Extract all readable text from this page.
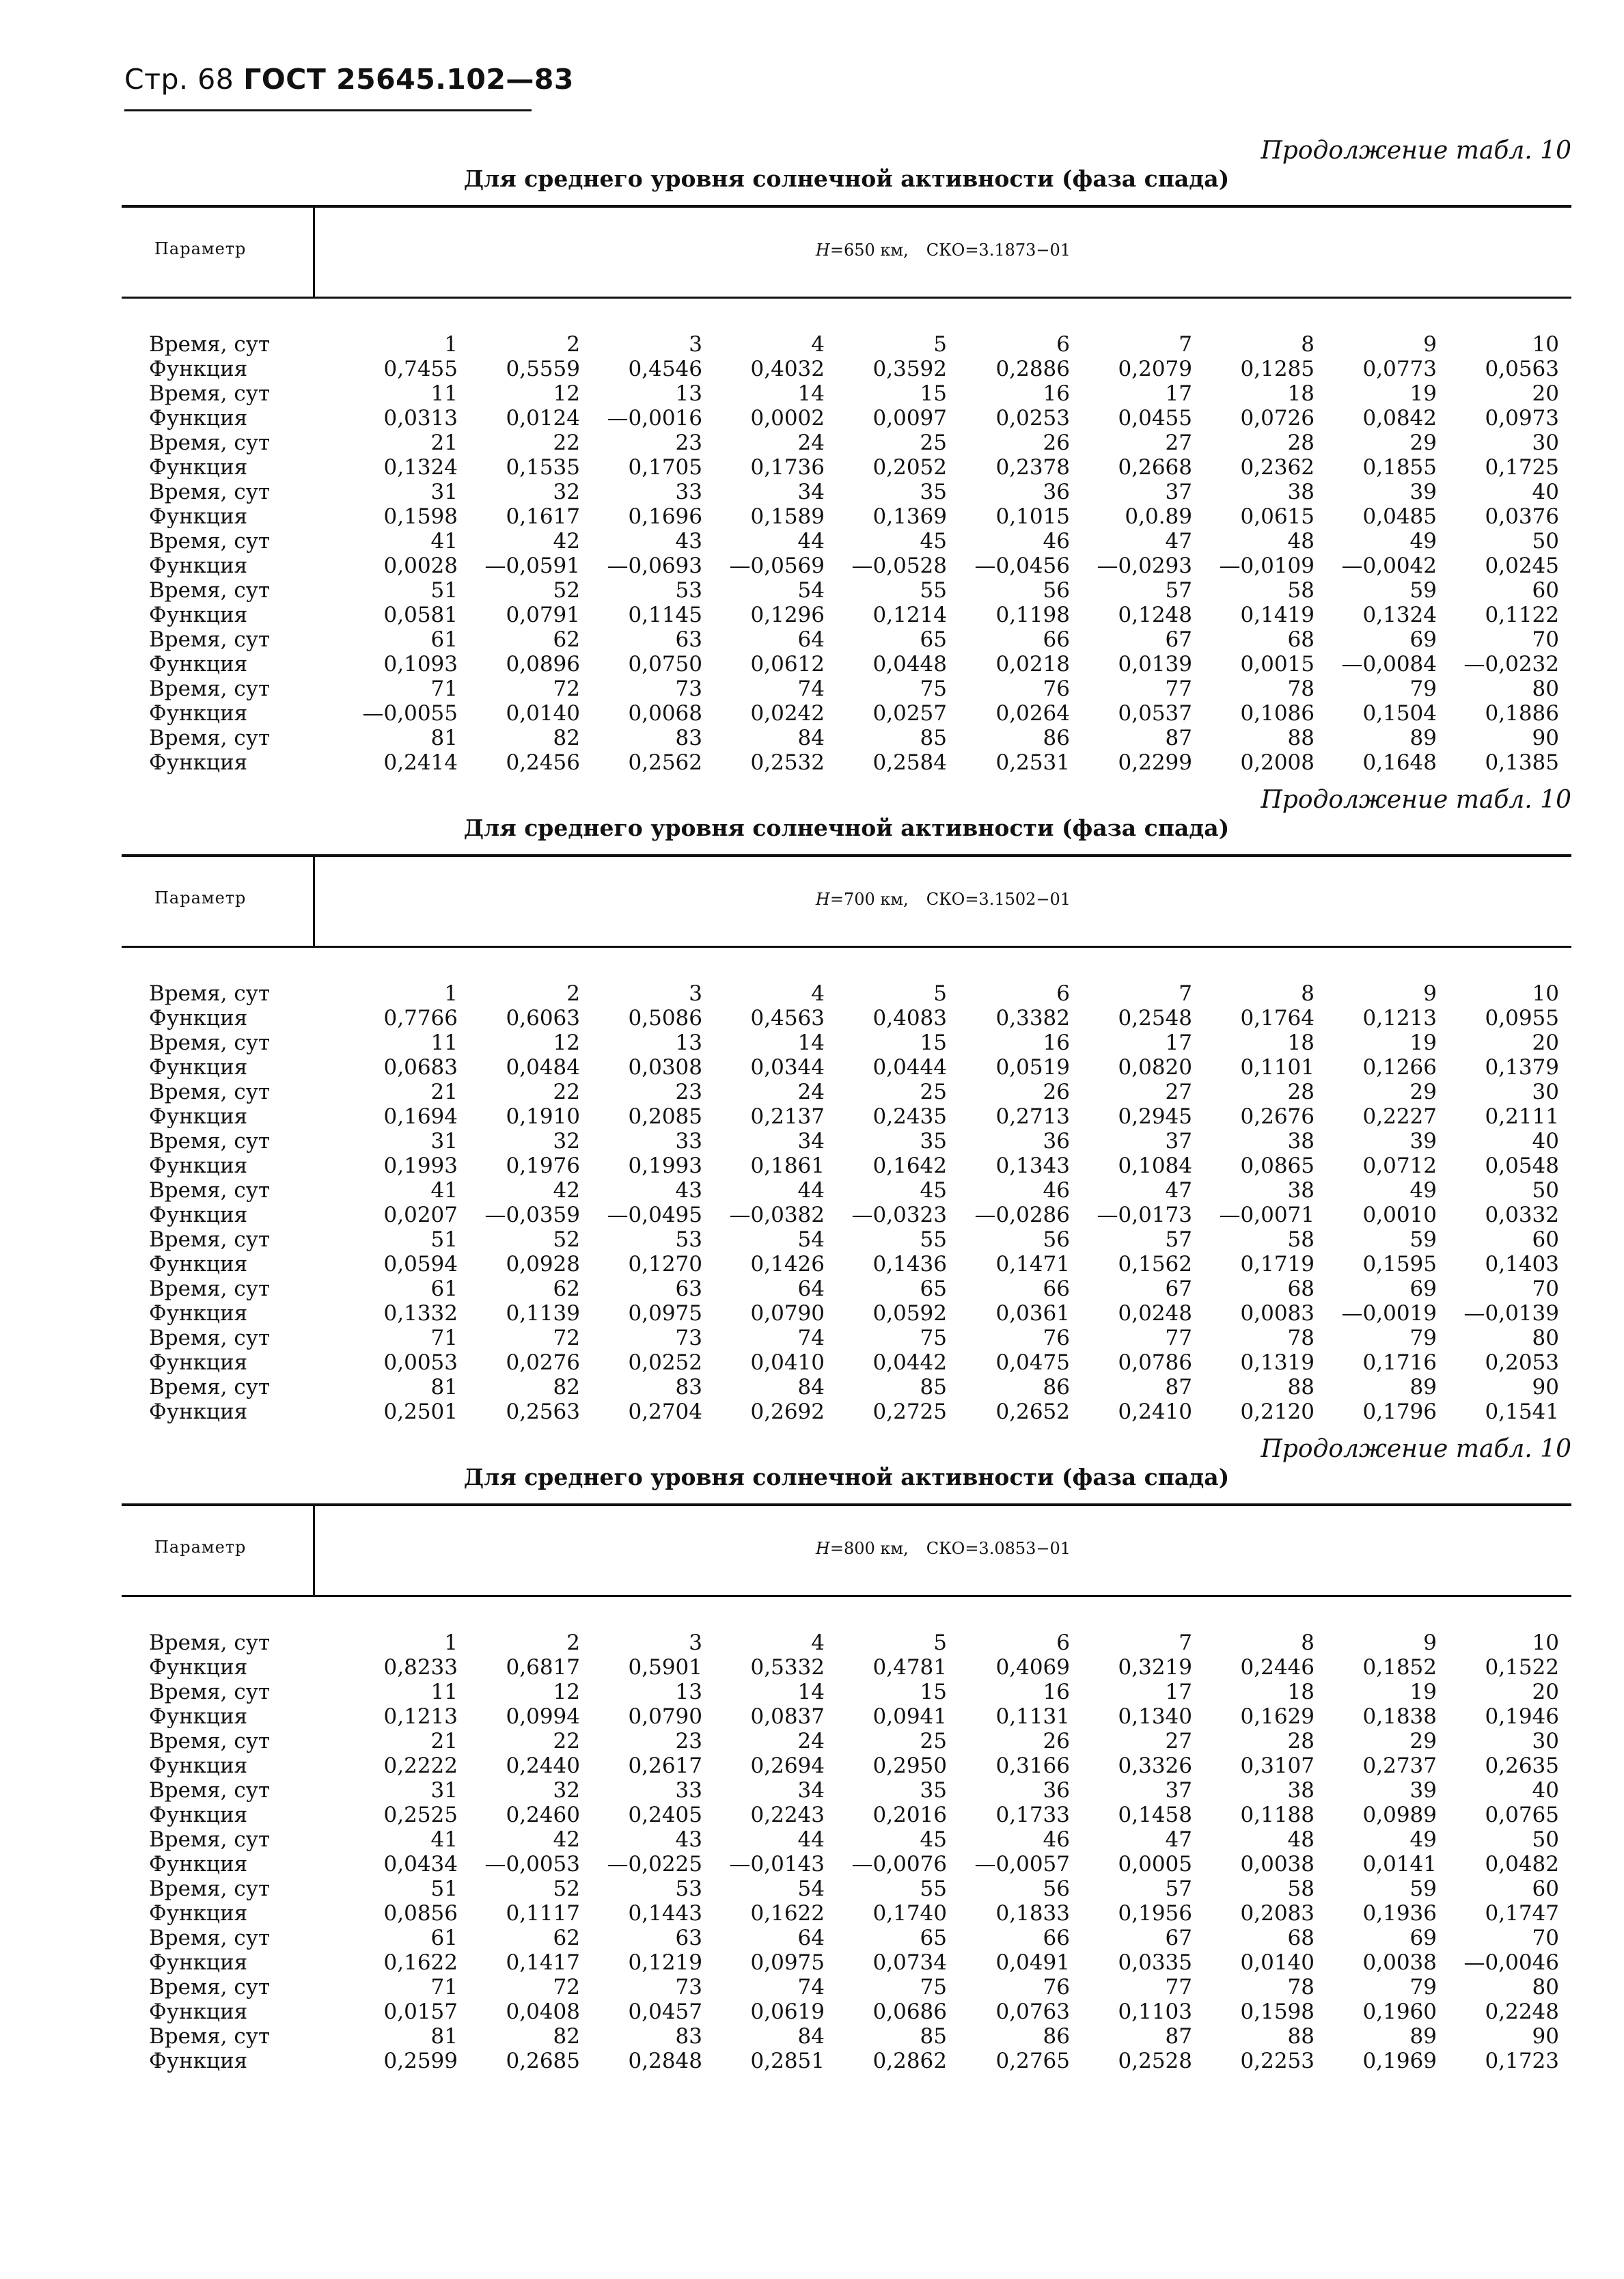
Стр. 68 ГОСТ 25645.102—83
Продолжение табл. 10
Для среднего уровня солнечной активности (фаза спада)
Параметр	H=650 км, СКО=3.1873−01
Время, сут	1	2	3	4	5	6	7	8	9	10
Функция	0,7455	0,5559	0,4546	0,4032	0,3592	0,2886	0,2079	0,1285	0,0773	0,0563
Время, сут	11	12	13	14	15	16	17	18	19	20
Функция	0,0313	0,0124	—0,0016	0,0002	0,0097	0,0253	0,0455	0,0726	0,0842	0,0973
Время, сут	21	22	23	24	25	26	27	28	29	30
Функция	0,1324	0,1535	0,1705	0,1736	0,2052	0,2378	0,2668	0,2362	0,1855	0,1725
Время, сут	31	32	33	34	35	36	37	38	39	40
Функция	0,1598	0,1617	0,1696	0,1589	0,1369	0,1015	0,0.89	0,0615	0,0485	0,0376
Время, сут	41	42	43	44	45	46	47	48	49	50
Функция	0,0028	—0,0591	—0,0693	—0,0569	—0,0528	—0,0456	—0,0293	—0,0109	—0,0042	0,0245
Время, сут	51	52	53	54	55	56	57	58	59	60
Функция	0,0581	0,0791	0,1145	0,1296	0,1214	0,1198	0,1248	0,1419	0,1324	0,1122
Время, сут	61	62	63	64	65	66	67	68	69	70
Функция	0,1093	0,0896	0,0750	0,0612	0,0448	0,0218	0,0139	0,0015	—0,0084	—0,0232
Время, сут	71	72	73	74	75	76	77	78	79	80
Функция	—0,0055	0,0140	0,0068	0,0242	0,0257	0,0264	0,0537	0,1086	0,1504	0,1886
Время, сут	81	82	83	84	85	86	87	88	89	90
Функция	0,2414	0,2456	0,2562	0,2532	0,2584	0,2531	0,2299	0,2008	0,1648	0,1385
Продолжение табл. 10
Для среднего уровня солнечной активности (фаза спада)
Параметр	H=700 км, СКО=3.1502−01
Время, сут	1	2	3	4	5	6	7	8	9	10
Функция	0,7766	0,6063	0,5086	0,4563	0,4083	0,3382	0,2548	0,1764	0,1213	0,0955
Время, сут	11	12	13	14	15	16	17	18	19	20
Функция	0,0683	0,0484	0,0308	0,0344	0,0444	0,0519	0,0820	0,1101	0,1266	0,1379
Время, сут	21	22	23	24	25	26	27	28	29	30
Функция	0,1694	0,1910	0,2085	0,2137	0,2435	0,2713	0,2945	0,2676	0,2227	0,2111
Время, сут	31	32	33	34	35	36	37	38	39	40
Функция	0,1993	0,1976	0,1993	0,1861	0,1642	0,1343	0,1084	0,0865	0,0712	0,0548
Время, сут	41	42	43	44	45	46	47	38	49	50
Функция	0,0207	—0,0359	—0,0495	—0,0382	—0,0323	—0,0286	—0,0173	—0,0071	0,0010	0,0332
Время, сут	51	52	53	54	55	56	57	58	59	60
Функция	0,0594	0,0928	0,1270	0,1426	0,1436	0,1471	0,1562	0,1719	0,1595	0,1403
Время, сут	61	62	63	64	65	66	67	68	69	70
Функция	0,1332	0,1139	0,0975	0,0790	0,0592	0,0361	0,0248	0,0083	—0,0019	—0,0139
Время, сут	71	72	73	74	75	76	77	78	79	80
Функция	0,0053	0,0276	0,0252	0,0410	0,0442	0,0475	0,0786	0,1319	0,1716	0,2053
Время, сут	81	82	83	84	85	86	87	88	89	90
Функция	0,2501	0,2563	0,2704	0,2692	0,2725	0,2652	0,2410	0,2120	0,1796	0,1541
Продолжение табл. 10
Для среднего уровня солнечной активности (фаза спада)
Параметр	H=800 км, СКО=3.0853−01
Время, сут	1	2	3	4	5	6	7	8	9	10
Функция	0,8233	0,6817	0,5901	0,5332	0,4781	0,4069	0,3219	0,2446	0,1852	0,1522
Время, сут	11	12	13	14	15	16	17	18	19	20
Функция	0,1213	0,0994	0,0790	0,0837	0,0941	0,1131	0,1340	0,1629	0,1838	0,1946
Время, сут	21	22	23	24	25	26	27	28	29	30
Функция	0,2222	0,2440	0,2617	0,2694	0,2950	0,3166	0,3326	0,3107	0,2737	0,2635
Время, сут	31	32	33	34	35	36	37	38	39	40
Функция	0,2525	0,2460	0,2405	0,2243	0,2016	0,1733	0,1458	0,1188	0,0989	0,0765
Время, сут	41	42	43	44	45	46	47	48	49	50
Функция	0,0434	—0,0053	—0,0225	—0,0143	—0,0076	—0,0057	0,0005	0,0038	0,0141	0,0482
Время, сут	51	52	53	54	55	56	57	58	59	60
Функция	0,0856	0,1117	0,1443	0,1622	0,1740	0,1833	0,1956	0,2083	0,1936	0,1747
Время, сут	61	62	63	64	65	66	67	68	69	70
Функция	0,1622	0,1417	0,1219	0,0975	0,0734	0,0491	0,0335	0,0140	0,0038	—0,0046
Время, сут	71	72	73	74	75	76	77	78	79	80
Функция	0,0157	0,0408	0,0457	0,0619	0,0686	0,0763	0,1103	0,1598	0,1960	0,2248
Время, сут	81	82	83	84	85	86	87	88	89	90
Функция	0,2599	0,2685	0,2848	0,2851	0,2862	0,2765	0,2528	0,2253	0,1969	0,1723
